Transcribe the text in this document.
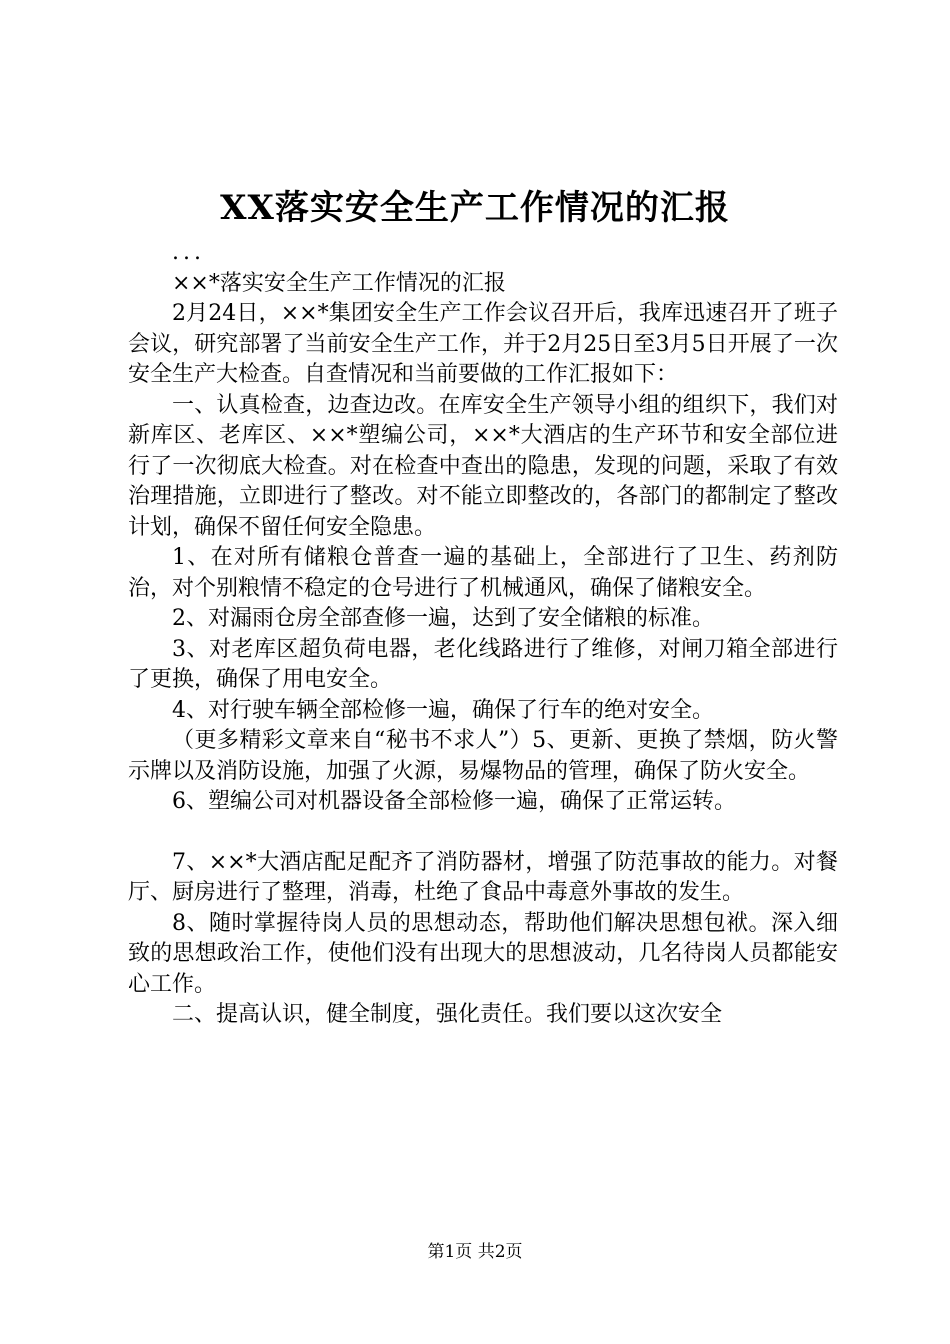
XX落实安全生产工作情况的汇报

...

××*落实安全生产工作情况的汇报

2月24日，××*集团安全生产工作会议召开后，我库迅速召开了班子会议，研究部署了当前安全生产工作，并于2月25日至3月5日开展了一次安全生产大检查。自查情况和当前要做的工作汇报如下：

一、认真检查，边查边改。在库安全生产领导小组的组织下，我们对新库区、老库区、××*塑编公司，××*大酒店的生产环节和安全部位进行了一次彻底大检查。对在检查中查出的隐患，发现的问题，采取了有效治理措施，立即进行了整改。对不能立即整改的，各部门的都制定了整改计划，确保不留任何安全隐患。

1、在对所有储粮仓普查一遍的基础上，全部进行了卫生、药剂防治，对个别粮情不稳定的仓号进行了机械通风，确保了储粮安全。

2、对漏雨仓房全部查修一遍，达到了安全储粮的标准。

3、对老库区超负荷电器，老化线路进行了维修，对闸刀箱全部进行了更换，确保了用电安全。

4、对行驶车辆全部检修一遍，确保了行车的绝对安全。

（更多精彩文章来自“秘书不求人”）5、更新、更换了禁烟，防火警示牌以及消防设施，加强了火源，易爆物品的管理，确保了防火安全。

6、塑编公司对机器设备全部检修一遍，确保了正常运转。

7、××*大酒店配足配齐了消防器材，增强了防范事故的能力。对餐厅、厨房进行了整理，消毒，杜绝了食品中毒意外事故的发生。

8、随时掌握待岗人员的思想动态，帮助他们解决思想包袱。深入细致的思想政治工作，使他们没有出现大的思想波动，几名待岗人员都能安心工作。

二、提高认识，健全制度，强化责任。我们要以这次安全

第1页 共2页
